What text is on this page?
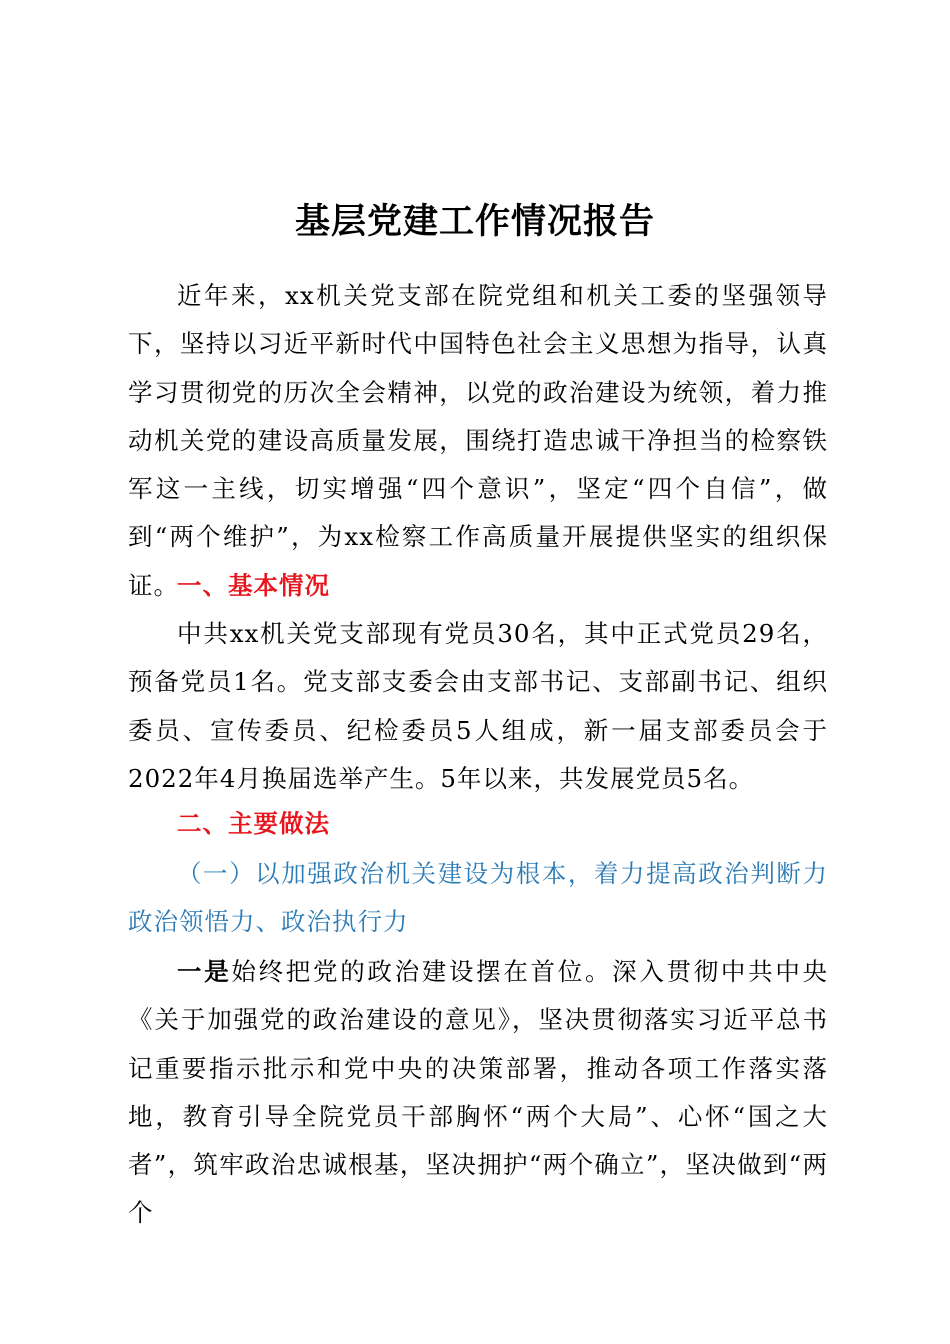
基层党建工作情况报告
近年来，xx机关党支部在院党组和机关工委的坚强领导下，坚持以习近平新时代中国特色社会主义思想为指导，认真学习贯彻党的历次全会精神，以党的政治建设为统领，着力推动机关党的建设高质量发展，围绕打造忠诚干净担当的检察铁军这一主线，切实增强“四个意识”，坚定“四个自信”，做到“两个维护”，为xx检察工作高质量开展提供坚实的组织保证。
一、基本情况
中共xx机关党支部现有党员30名，其中正式党员29名，预备党员1名。党支部支委会由支部书记、支部副书记、组织委员、宣传委员、纪检委员5人组成，新一届支部委员会于2022年4月换届选举产生。5年以来，共发展党员5名。
二、主要做法
（一）以加强政治机关建设为根本，着力提高政治判断力政治领悟力、政治执行力
一是始终把党的政治建设摆在首位。深入贯彻中共中央《关于加强党的政治建设的意见》，坚决贯彻落实习近平总书记重要指示批示和党中央的决策部署，推动各项工作落实落地，教育引导全院党员干部胸怀“两个大局”、心怀“国之大者”，筑牢政治忠诚根基，坚决拥护“两个确立”，坚决做到“两个
